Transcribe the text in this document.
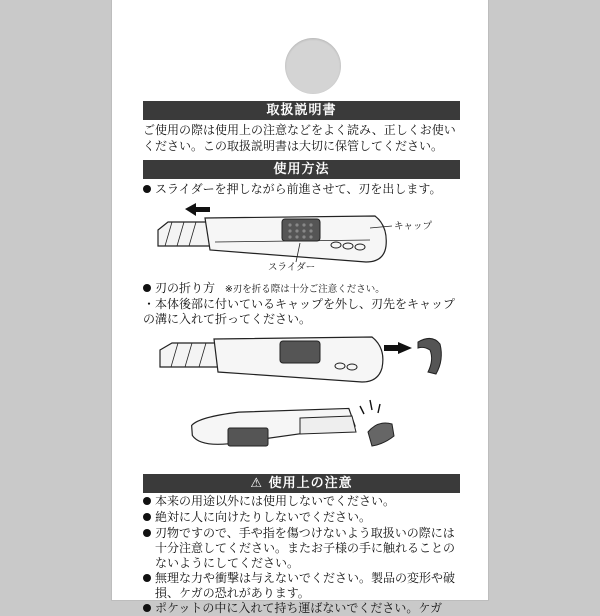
取扱説明書
ご使用の際は使用上の注意などをよく読み、正しくお使い
ください。この取扱説明書は大切に保管してください。
使用方法
スライダーを押しながら前進させて、刃を出します。
キャップ
スライダー
刃の折り方 ※刃を折る際は十分ご注意ください。
・本体後部に付いているキャップを外し、刃先をキャップ
の溝に入れて折ってください。
⚠ 使用上の注意
本来の用途以外には使用しないでください。
絶対に人に向けたりしないでください。
刃物ですので、手や指を傷つけないよう取扱いの際には
十分注意してください。またお子様の手に触れることの
ないようにしてください。
無理な力や衝撃は与えないでください。製品の変形や破
損、ケガの恐れがあります。
ポケットの中に入れて持ち運ばないでください。ケガ
